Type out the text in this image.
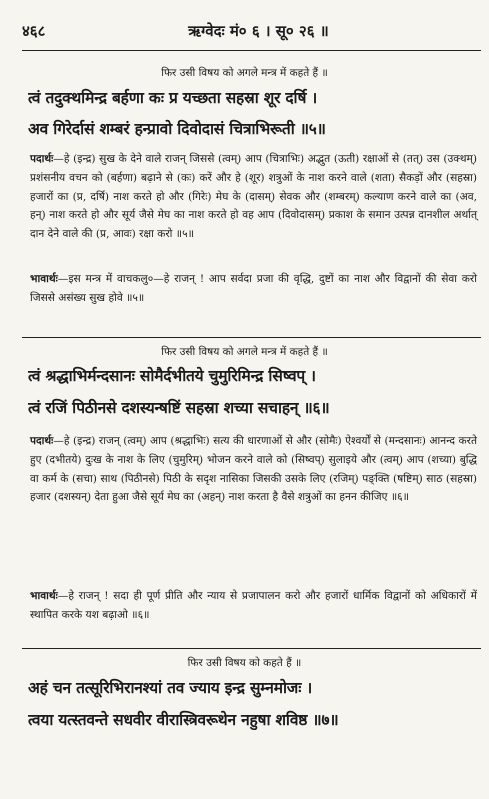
४६८	ऋग्वेदः मं० ६ । सू० २६ ॥
फिर उसी विषय को अगले मन्त्र में कहते हैं ॥
त्वं तदुक्थमिन्द्र बर्हणा कः प्र यच्छता सहस्रा शूर दर्षि ।
अव गिरेर्दासं शम्बरं हन्प्रावो दिवोदासं चित्राभिरूती ॥५॥
पदार्थः—हे (इन्द्र) सुख के देने वाले राजन् जिससे (त्वम्) आप (चित्राभिः) अद्भुत (ऊती) रक्षाओं से (तत्) उस (उक्थम्) प्रशंसनीय वचन को (बर्हणा) बढ़ाने से (कः) करें और हे (शूर) शत्रुओं के नाश करने वाले (शता) सैकड़ों और (सहस्रा) हजारों का (प्र, दर्षि) नाश करते हो और (गिरेः) मेघ के (दासम्) सेवक और (शम्बरम्) कल्याण करने वाले का (अव, हन्) नाश करते हो और सूर्य जैसे मेघ का नाश करते हो वह आप (दिवोदासम्) प्रकाश के समान उत्पन्न दानशील अर्थात् दान देने वाले की (प्र, आवः) रक्षा करो ॥५॥
भावार्थः—इस मन्त्र में वाचकलु०—हे राजन् ! आप सर्वदा प्रजा की वृद्धि, दुष्टों का नाश और विद्वानों की सेवा करो जिससे असंख्य सुख होवे ॥५॥
फिर उसी विषय को अगले मन्त्र में कहते हैं ॥
त्वं श्रद्धाभिर्मन्दसानः सोमैर्दभीतये चुमुरिमिन्द्र सिष्वप् ।
त्वं रजिं पिठीनसे दशस्यन्षष्टिं सहस्रा शच्या सचाहन् ॥६॥
पदार्थः—हे (इन्द्र) राजन् (त्वम्) आप (श्रद्धाभिः) सत्य की धारणाओं से और (सोमैः) ऐश्वर्यों से (मन्दसानः) आनन्द करते हुए (दभीतये) दुःख के नाश के लिए (चुमुरिम्) भोजन करने वाले को (सिष्वप्) सुलाइये और (त्वम्) आप (शच्या) बुद्धि वा कर्म के (सचा) साथ (पिठीनसे) पिठी के सदृश नासिका जिसकी उसके लिए (रजिम्) पङ्क्ति (षष्टिम्) साठ (सहस्रा) हजार (दशस्यन्) देता हुआ जैसे सूर्य मेघ का (अहन्) नाश करता है वैसे शत्रुओं का हनन कीजिए ॥६॥
भावार्थः—हे राजन् ! सदा ही पूर्ण प्रीति और न्याय से प्रजापालन करो और हजारों धार्मिक विद्वानों को अधिकारों में स्थापित करके यश बढ़ाओ ॥६॥
फिर उसी विषय को कहते हैं ॥
अहं चन तत्सूरिभिरानश्यां तव ज्याय इन्द्र सुम्नमोजः ।
त्वया यत्स्तवन्ते सधवीर वीरास्त्रिवरूथेन नहुषा शविष्ठ ॥७॥
